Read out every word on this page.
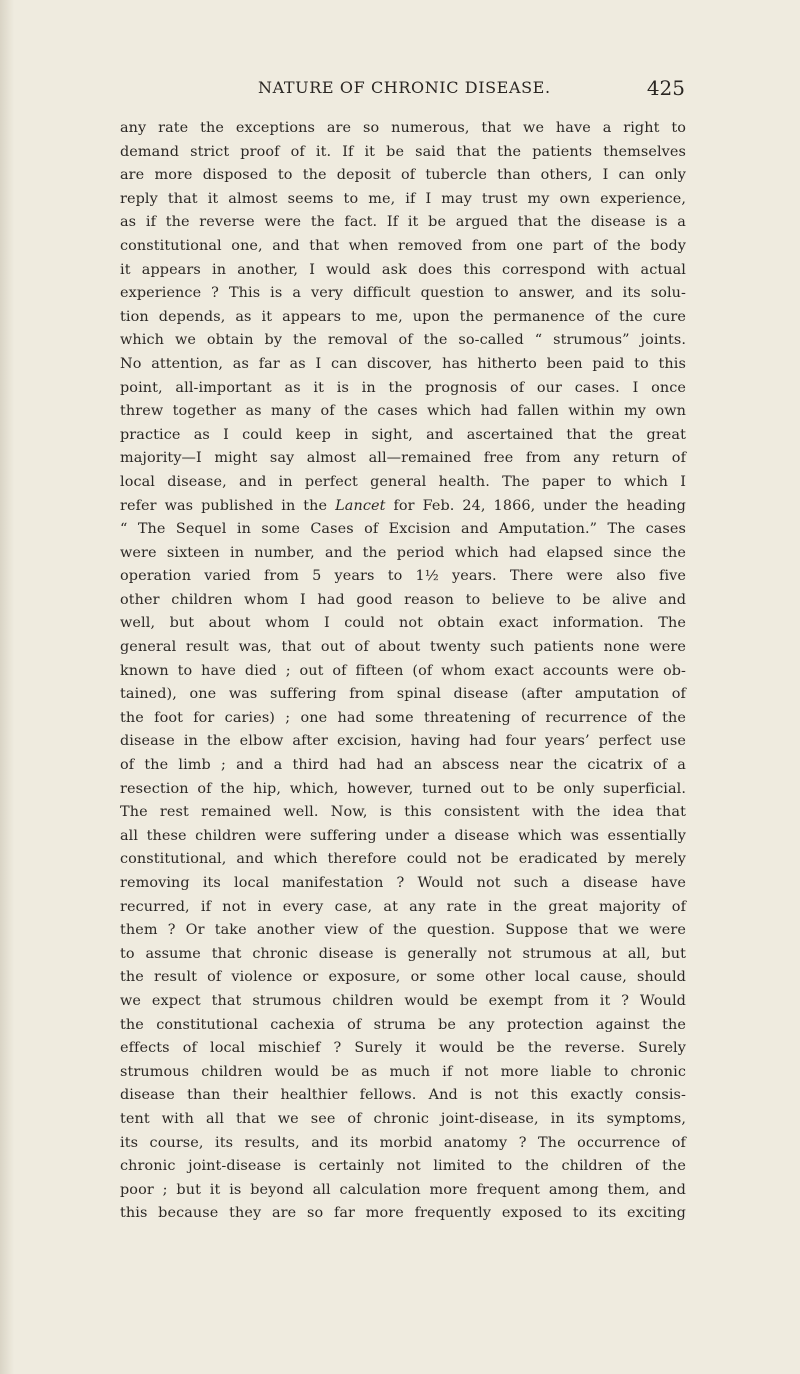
NATURE OF CHRONIC DISEASE.	425
any rate the exceptions are so numerous, that we have a right to
demand strict proof of it. If it be said that the patients themselves
are more disposed to the deposit of tubercle than others, I can only
reply that it almost seems to me, if I may trust my own experience,
as if the reverse were the fact. If it be argued that the disease is a
constitutional one, and that when removed from one part of the body
it appears in another, I would ask does this correspond with actual
experience ? This is a very difficult question to answer, and its solu-
tion depends, as it appears to me, upon the permanence of the cure
which we obtain by the removal of the so-called “ strumous” joints.
No attention, as far as I can discover, has hitherto been paid to this
point, all-important as it is in the prognosis of our cases. I once
threw together as many of the cases which had fallen within my own
practice as I could keep in sight, and ascertained that the great
majority—I might say almost all—remained free from any return of
local disease, and in perfect general health. The paper to which I
refer was published in the Lancet for Feb. 24, 1866, under the heading
“ The Sequel in some Cases of Excision and Amputation.” The cases
were sixteen in number, and the period which had elapsed since the
operation varied from 5 years to 1½ years. There were also five
other children whom I had good reason to believe to be alive and
well, but about whom I could not obtain exact information. The
general result was, that out of about twenty such patients none were
known to have died ; out of fifteen (of whom exact accounts were ob-
tained), one was suffering from spinal disease (after amputation of
the foot for caries) ; one had some threatening of recurrence of the
disease in the elbow after excision, having had four years’ perfect use
of the limb ; and a third had had an abscess near the cicatrix of a
resection of the hip, which, however, turned out to be only superficial.
The rest remained well. Now, is this consistent with the idea that
all these children were suffering under a disease which was essentially
constitutional, and which therefore could not be eradicated by merely
removing its local manifestation ? Would not such a disease have
recurred, if not in every case, at any rate in the great majority of
them ? Or take another view of the question. Suppose that we were
to assume that chronic disease is generally not strumous at all, but
the result of violence or exposure, or some other local cause, should
we expect that strumous children would be exempt from it ? Would
the constitutional cachexia of struma be any protection against the
effects of local mischief ? Surely it would be the reverse. Surely
strumous children would be as much if not more liable to chronic
disease than their healthier fellows. And is not this exactly consis-
tent with all that we see of chronic joint-disease, in its symptoms,
its course, its results, and its morbid anatomy ? The occurrence of
chronic joint-disease is certainly not limited to the children of the
poor ; but it is beyond all calculation more frequent among them, and
this because they are so far more frequently exposed to its exciting
